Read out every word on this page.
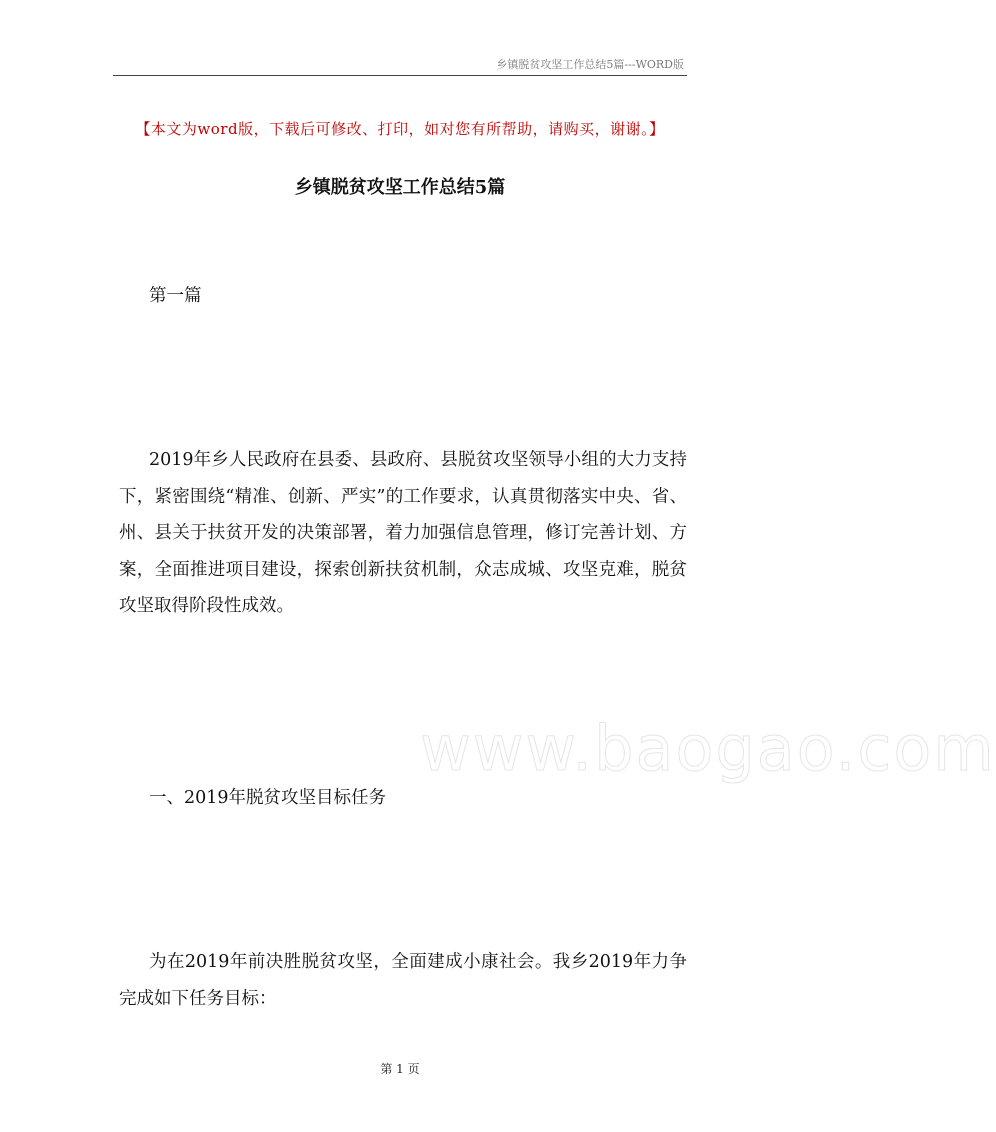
乡镇脱贫攻坚工作总结5篇---WORD版
【本文为word版，下载后可修改、打印，如对您有所帮助，请购买，谢谢。】
乡镇脱贫攻坚工作总结5篇

第一篇

2019年乡人民政府在县委、县政府、县脱贫攻坚领导小组的大力支持下，紧密围绕“精准、创新、严实”的工作要求，认真贯彻落实中央、省、州、县关于扶贫开发的决策部署，着力加强信息管理，修订完善计划、方案，全面推进项目建设，探索创新扶贫机制，众志成城、攻坚克难，脱贫攻坚取得阶段性成效。

www.baogao.com

一、2019年脱贫攻坚目标任务

为在2019年前决胜脱贫攻坚，全面建成小康社会。我乡2019年力争完成如下任务目标：

第 1 页
